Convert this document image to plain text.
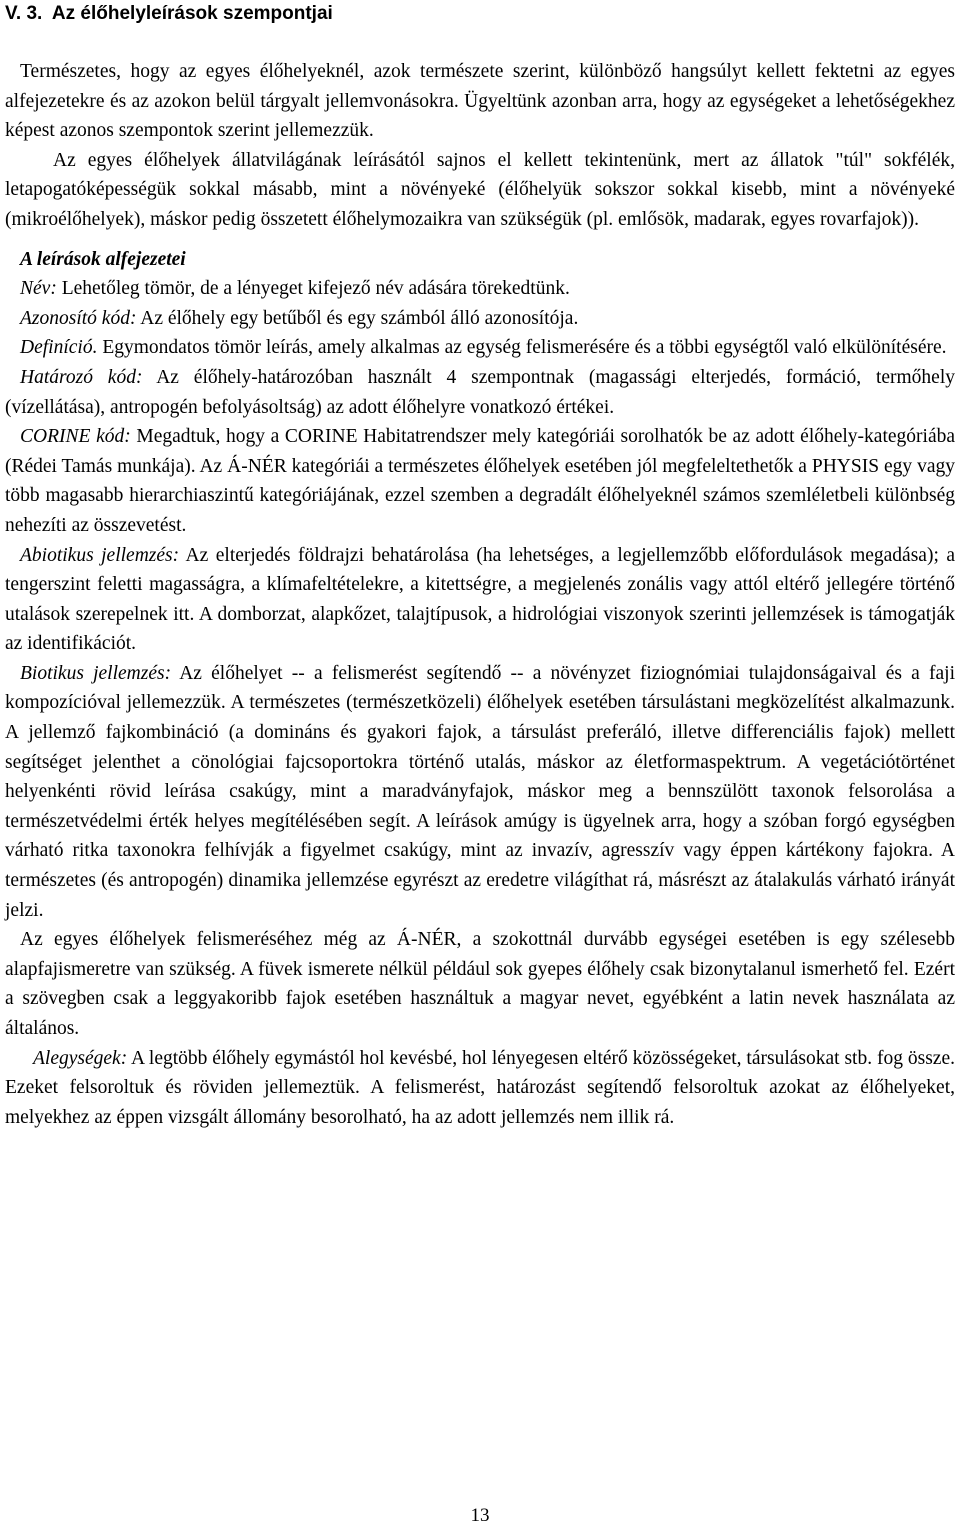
V. 3. Az élőhelyleírások szempontjai

Természetes, hogy az egyes élőhelyeknél, azok természete szerint, különböző hangsúlyt kellett fektetni az egyes alfejezetekre és az azokon belül tárgyalt jellemvonásokra. Ügyeltünk azonban arra, hogy az egységeket a lehetőségekhez képest azonos szempontok szerint jellemezzük.

Az egyes élőhelyek állatvilágának leírásától sajnos el kellett tekintenünk, mert az állatok "túl" sokfélék, letapogatóképességük sokkal másabb, mint a növényeké (élőhelyük sokszor sokkal kisebb, mint a növényeké (mikroélőhelyek), máskor pedig összetett élőhelymozaikra van szükségük (pl. emlősök, madarak, egyes rovarfajok)).

A leírások alfejezetei

Név: Lehetőleg tömör, de a lényeget kifejező név adására törekedtünk.

Azonosító kód: Az élőhely egy betűből és egy számból álló azonosítója.

Definíció. Egymondatos tömör leírás, amely alkalmas az egység felismerésére és a többi egységtől való elkülönítésére.

Határozó kód: Az élőhely-határozóban használt 4 szempontnak (magassági elterjedés, formáció, termőhely (vízellátása), antropogén befolyásoltság) az adott élőhelyre vonatkozó értékei.

CORINE kód: Megadtuk, hogy a CORINE Habitatrendszer mely kategóriái sorolhatók be az adott élőhely-kategóriába (Rédei Tamás munkája). Az Á-NÉR kategóriái a természetes élőhelyek esetében jól megfeleltethetők a PHYSIS egy vagy több magasabb hierarchiaszintű kategóriájának, ezzel szemben a degradált élőhelyeknél számos szemléletbeli különbség nehezíti az összevetést.

Abiotikus jellemzés: Az elterjedés földrajzi behatárolása (ha lehetséges, a legjellemzőbb előfordulások megadása); a tengerszint feletti magasságra, a klímafeltételekre, a kitettségre, a megjelenés zonális vagy attól eltérő jellegére történő utalások szerepelnek itt. A domborzat, alapkőzet, talajtípusok, a hidrológiai viszonyok szerinti jellemzések is támogatják az identifikációt.

Biotikus jellemzés: Az élőhelyet -- a felismerést segítendő -- a növényzet fiziognómiai tulajdonságaival és a faji kompozícióval jellemezzük. A természetes (természetközeli) élőhelyek esetében társulástani megközelítést alkalmazunk. A jellemző fajkombináció (a domináns és gyakori fajok, a társulást preferáló, illetve differenciális fajok) mellett segítséget jelenthet a cönológiai fajcsoportokra történő utalás, máskor az életformaspektrum. A vegetációtörténet helyenkénti rövid leírása csakúgy, mint a maradványfajok, máskor meg a bennszülött taxonok felsorolása a természetvédelmi érték helyes megítélésében segít. A leírások amúgy is ügyelnek arra, hogy a szóban forgó egységben várható ritka taxonokra felhívják a figyelmet csakúgy, mint az invazív, agresszív vagy éppen kártékony fajokra. A természetes (és antropogén) dinamika jellemzése egyrészt az eredetre világíthat rá, másrészt az átalakulás várható irányát jelzi.

Az egyes élőhelyek felismeréséhez még az Á-NÉR, a szokottnál durvább egységei esetében is egy szélesebb alapfajismeretre van szükség. A füvek ismerete nélkül például sok gyepes élőhely csak bizonytalanul ismerhető fel. Ezért a szövegben csak a leggyakoribb fajok esetében használtuk a magyar nevet, egyébként a latin nevek használata az általános.

Alegységek: A legtöbb élőhely egymástól hol kevésbé, hol lényegesen eltérő közösségeket, társulásokat stb. fog össze. Ezeket felsoroltuk és röviden jellemeztük. A felismerést, határozást segítendő felsoroltuk azokat az élőhelyeket, melyekhez az éppen vizsgált állomány besorolható, ha az adott jellemzés nem illik rá.

13
